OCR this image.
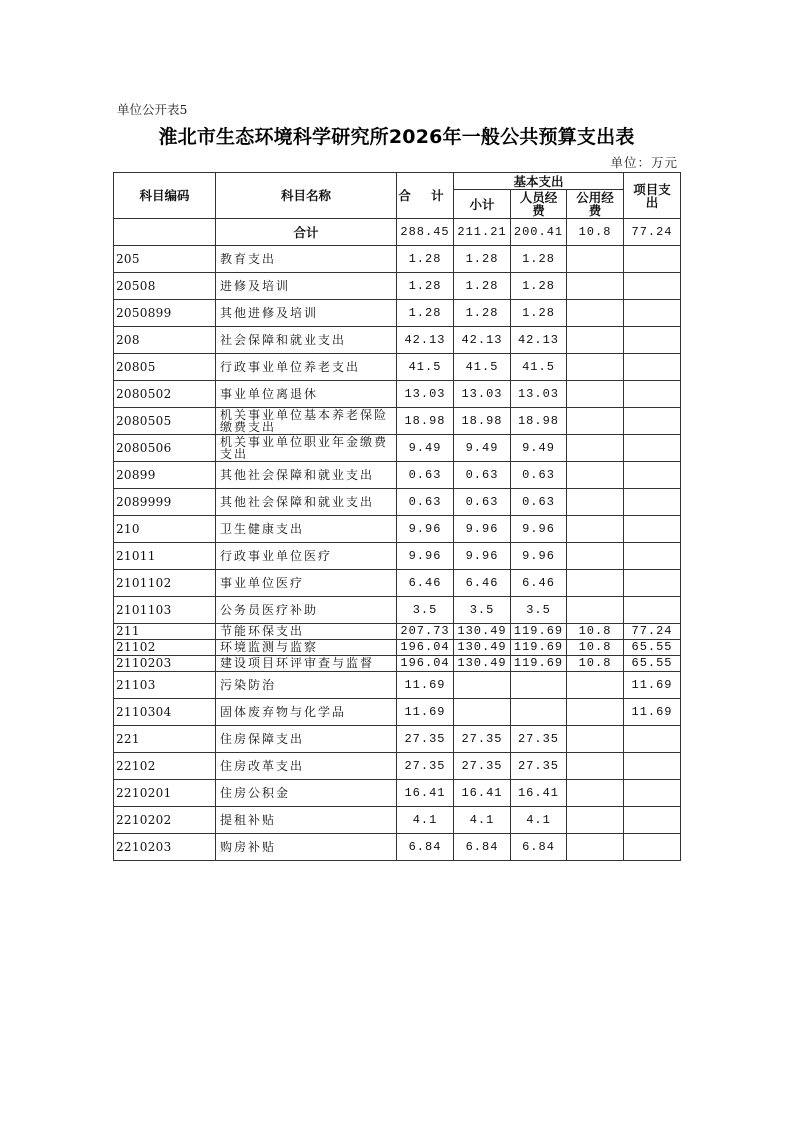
单位公开表5
淮北市生态环境科学研究所2026年一般公共预算支出表
单位：万元
科目编码	科目名称	合 计	基本支出			项目支出
			小计	人员经费	公用经费	
	合计	288.45	211.21	200.41	10.8	77.24
205	教育支出	1.28	1.28	1.28		
20508	进修及培训	1.28	1.28	1.28		
2050899	其他进修及培训	1.28	1.28	1.28		
208	社会保障和就业支出	42.13	42.13	42.13		
20805	行政事业单位养老支出	41.5	41.5	41.5		
2080502	事业单位离退休	13.03	13.03	13.03		
2080505	机关事业单位基本养老保险缴费支出	18.98	18.98	18.98		
2080506	机关事业单位职业年金缴费支出	9.49	9.49	9.49		
20899	其他社会保障和就业支出	0.63	0.63	0.63		
2089999	其他社会保障和就业支出	0.63	0.63	0.63		
210	卫生健康支出	9.96	9.96	9.96		
21011	行政事业单位医疗	9.96	9.96	9.96		
2101102	事业单位医疗	6.46	6.46	6.46		
2101103	公务员医疗补助	3.5	3.5	3.5		
211	节能环保支出	207.73	130.49	119.69	10.8	77.24
21102	环境监测与监察	196.04	130.49	119.69	10.8	65.55
2110203	建设项目环评审查与监督	196.04	130.49	119.69	10.8	65.55
21103	污染防治	11.69				11.69
2110304	固体废弃物与化学品	11.69				11.69
221	住房保障支出	27.35	27.35	27.35		
22102	住房改革支出	27.35	27.35	27.35		
2210201	住房公积金	16.41	16.41	16.41		
2210202	提租补贴	4.1	4.1	4.1		
2210203	购房补贴	6.84	6.84	6.84		
